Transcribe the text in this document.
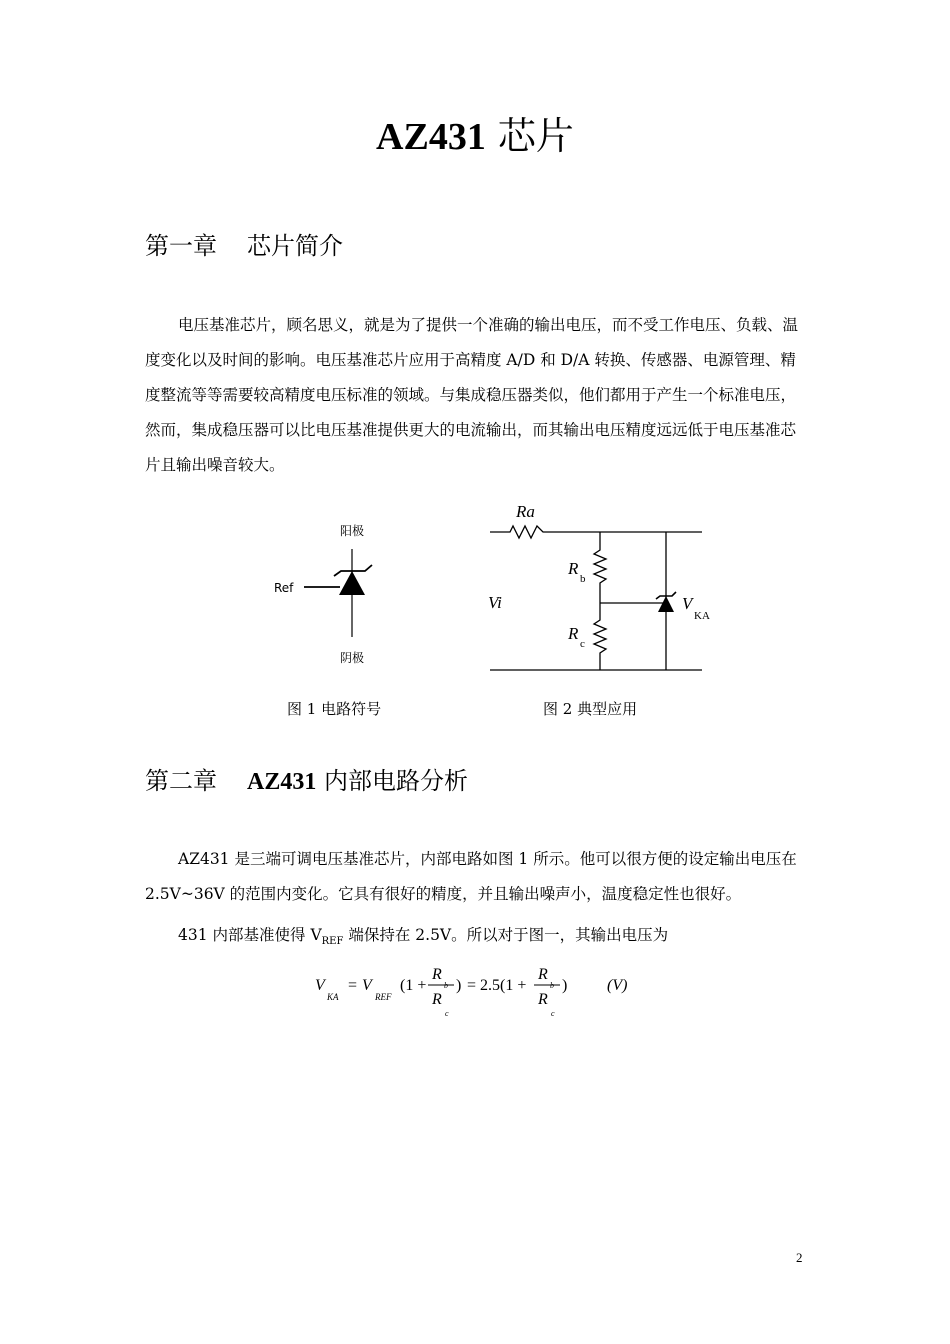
AZ431 芯片
第一章 芯片简介
电压基准芯片，顾名思义，就是为了提供一个准确的输出电压，而不受工作电压、负载、温度变化以及时间的影响。电压基准芯片应用于高精度 A/D 和 D/A 转换、传感器、电源管理、精度整流等等需要较高精度电压标准的领域。与集成稳压器类似，他们都用于产生一个标准电压，然而，集成稳压器可以比电压基准提供更大的电流输出，而其输出电压精度远远低于电压基准芯片且输出噪音较大。
阳极
Ref
阴极
Ra
R
b
R
c
Vi	V
KA
图 1 电路符号	图 2 典型应用
第二章 AZ431 内部电路分析
AZ431 是三端可调电压基准芯片，内部电路如图 1 所示。他可以很方便的设定输出电压在 2.5V~36V 的范围内变化。它具有很好的精度，并且输出噪声小，温度稳定性也很好。
431 内部基准使得 $V_{REF}$ 端保持在 2.5V。所以对于图一，其输出电压为
V
KA
= V
REF
(1 +
R
b
R
c
) = 2.5(1 +
R
b
R
c
) (V)
2
